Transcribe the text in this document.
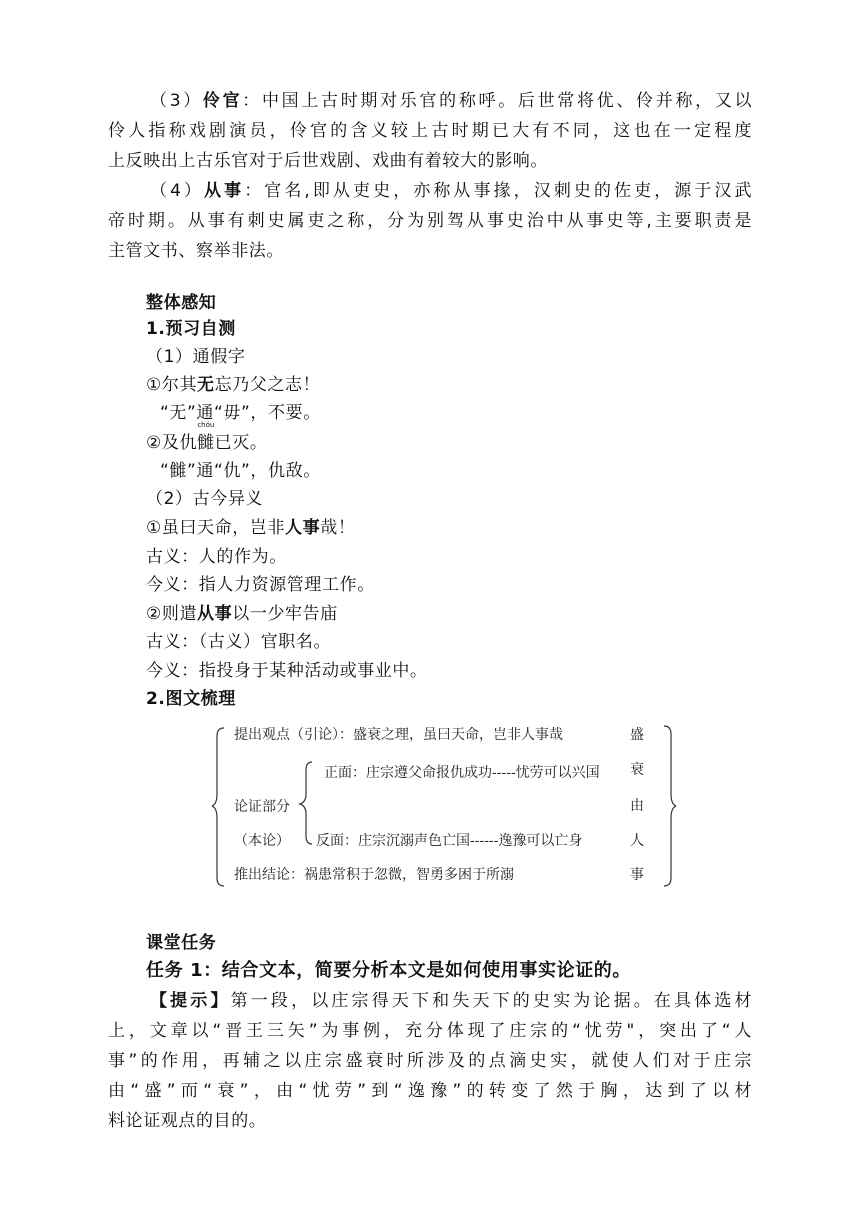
（3）伶官：中国上古时期对乐官的称呼。后世常将优、伶并称，又以
伶人指称戏剧演员，伶官的含义较上古时期已大有不同，这也在一定程度
上反映出上古乐官对于后世戏剧、戏曲有着较大的影响。
（4）从事：官名,即从吏史，亦称从事掾，汉刺史的佐吏，源于汉武
帝时期。从事有刺史属吏之称，分为别驾从事史治中从事史等,主要职责是
主管文书、察举非法。
整体感知
1.预习自测
（1）通假字
①尔其无忘乃父之志！
“无”通“毋”，不要。
②及仇
chóu
雠已灭。
“雠”通“仇”，仇敌。
（2）古今异义
①虽曰天命，岂非人事哉！
古义：人的作为。
今义：指人力资源管理工作。
②则遣从事以一少牢告庙
古义：（古义）官职名。
今义：指投身于某种活动或事业中。
2.图文梳理
提出观点（引论）：盛衰之理，虽曰天命，岂非人事哉
正面：庄宗遵父命报仇成功-----忧劳可以兴国
论证部分
（本论） 反面：庄宗沉溺声色亡国------逸豫可以亡身
推出结论：祸患常积于忽微，智勇多困于所溺
盛
衰
由
人
事
课堂任务
任务 1：结合文本，简要分析本文是如何使用事实论证的。
【提示】第一段，以庄宗得天下和失天下的史实为论据。在具体选材
上，文章以“晋王三矢”为事例，充分体现了庄宗的“忧劳"，突出了“人
事”的作用，再辅之以庄宗盛衰时所涉及的点滴史实，就使人们对于庄宗
由“盛”而“衰”，由“忧劳”到“逸豫”的转变了然于胸，达到了以材
料论证观点的目的。
